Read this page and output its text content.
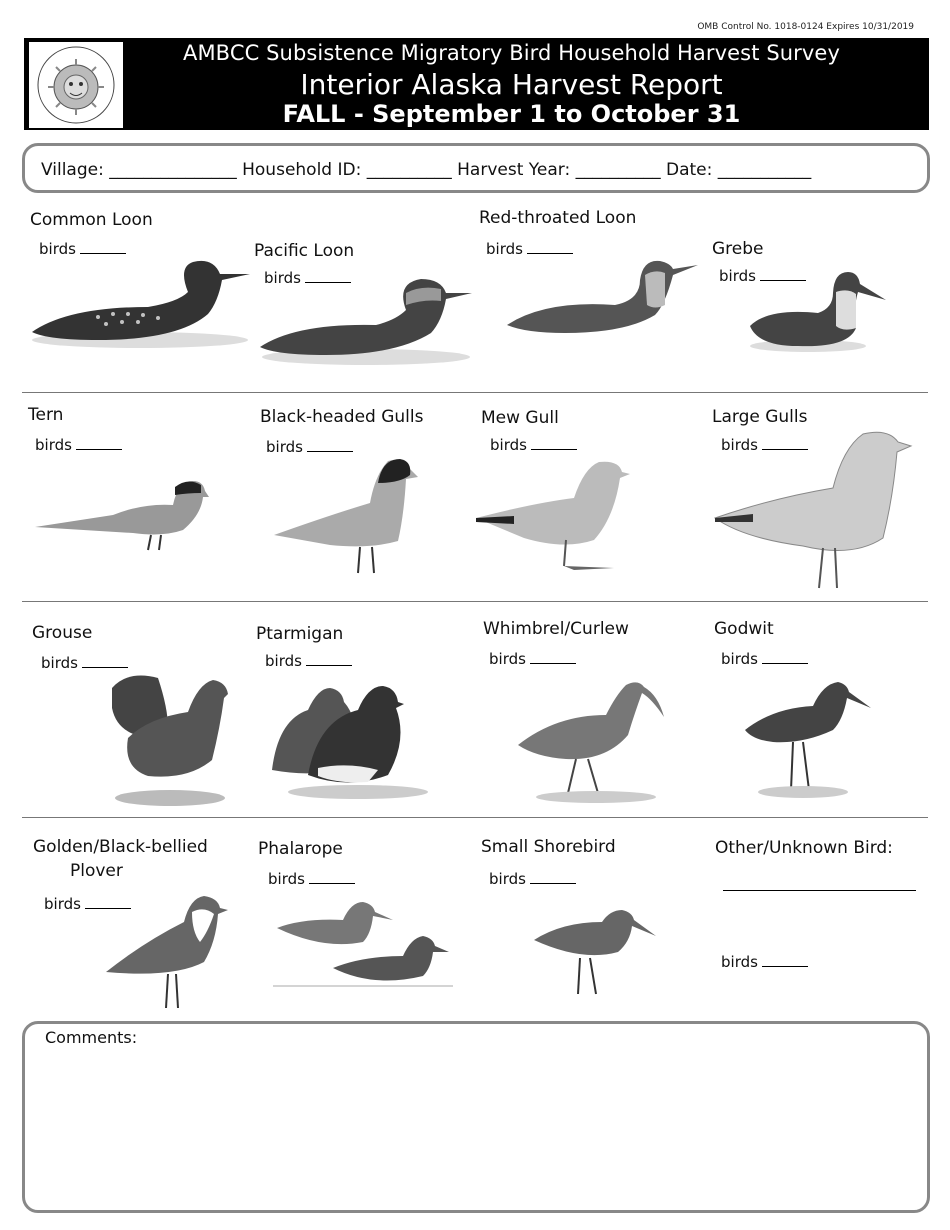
OMB Control No. 1018-0124 Expires 10/31/2019
AMBCC Subsistence Migratory Bird Household Harvest Survey
Interior Alaska Harvest Report
FALL - September 1 to October 31
Village: _______________ Household ID: __________ Harvest Year: __________ Date: ___________
Common Loon
birds	Pacific Loon
birds
Red-throated Loon
birds	Grebe
birds
Tern
birds
Black-headed Gulls
birds
Mew Gull
birds
Large Gulls
birds
Grouse
birds
Ptarmigan
birds
Whimbrel/Curlew
birds
Godwit
birds
Golden/Black-bellied
Plover
birds
Phalarope
birds
Small Shorebird
birds
Other/Unknown Bird:
birds
Comments:
